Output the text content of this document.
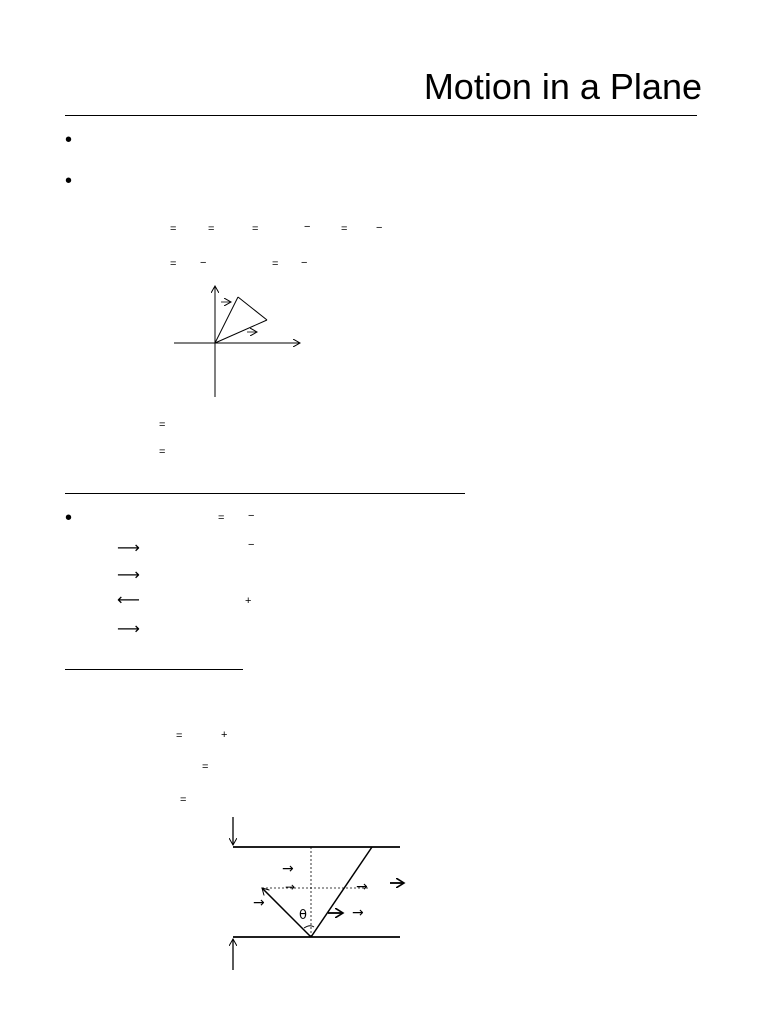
Motion in a Plane
•
•
=	=	=	−	=	−
= −	= −
=
=
•	= −
−
+
⟶
⟶
⟵
⟶
=	+
=
=
θ
→
→
→
→
→
